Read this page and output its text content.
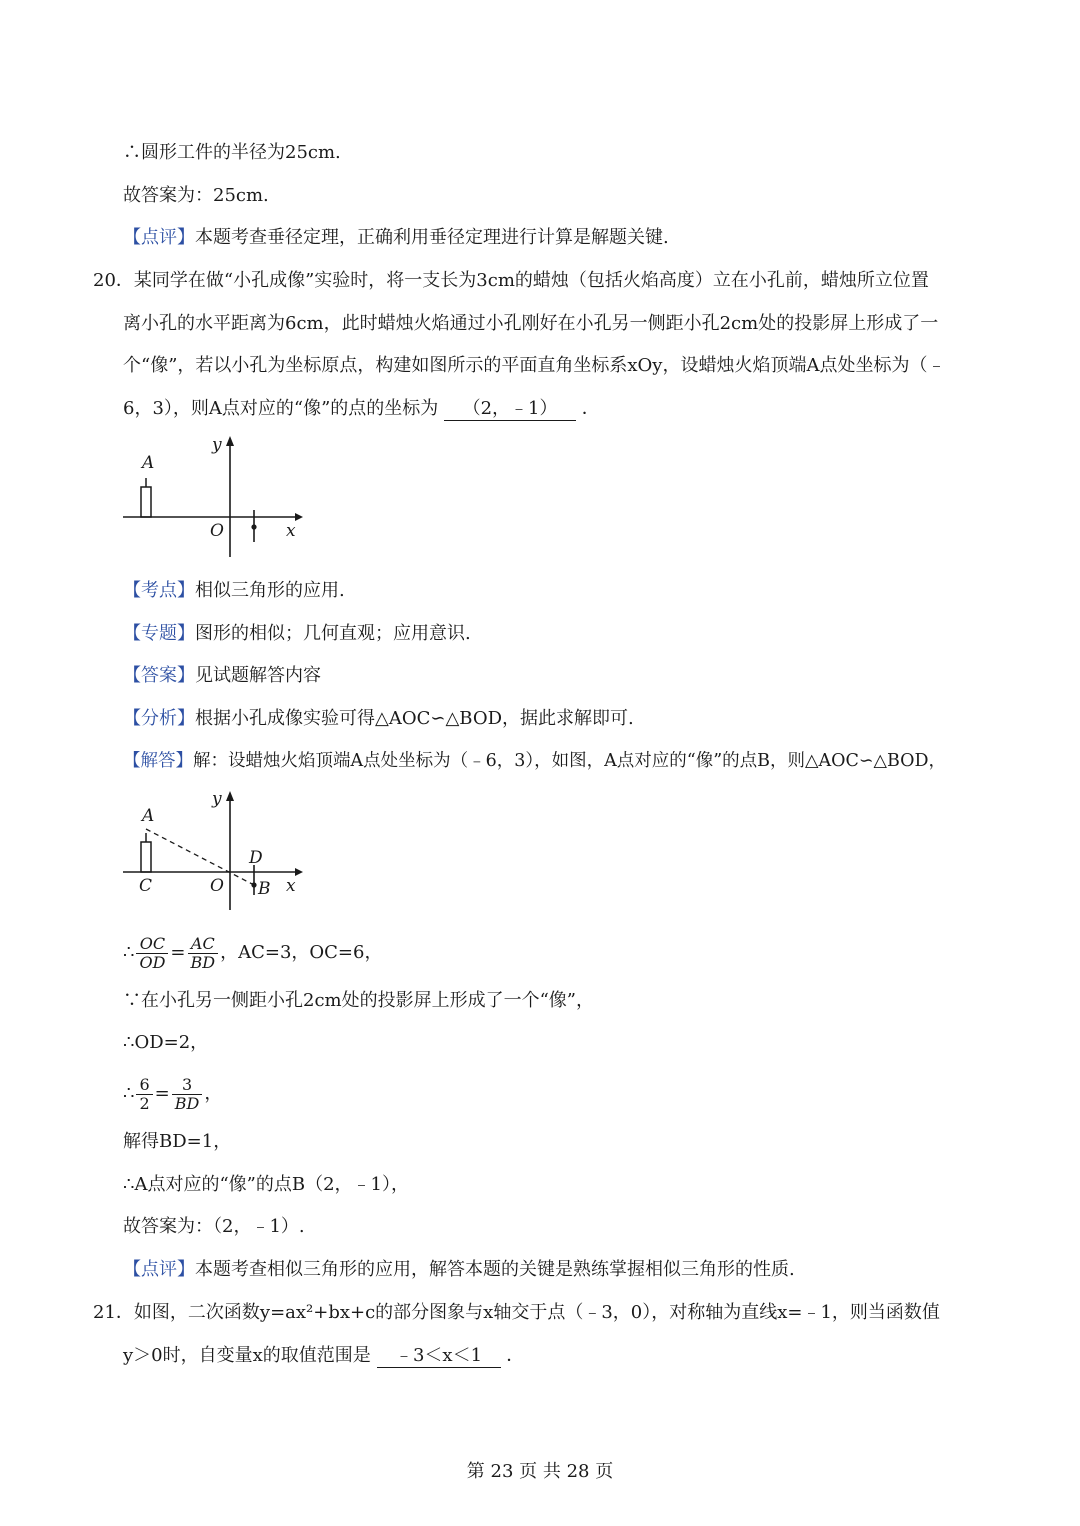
∴圆形工件的半径为25cm.
故答案为：25cm.
【点评】本题考查垂径定理，正确利用垂径定理进行计算是解题关键.
20．某同学在做“小孔成像”实验时，将一支长为3cm的蜡烛（包括火焰高度）立在小孔前，蜡烛所立位置
离小孔的水平距离为6cm，此时蜡烛火焰通过小孔刚好在小孔另一侧距小孔2cm处的投影屏上形成了一
个“像”，若以小孔为坐标原点，构建如图所示的平面直角坐标系xOy，设蜡烛火焰顶端A点处坐标为（﹣
6，3），则A点对应的“像”的点的坐标为 （2，﹣1） ．
A
y
O	x
【考点】相似三角形的应用.
【专题】图形的相似；几何直观；应用意识.
【答案】见试题解答内容
【分析】根据小孔成像实验可得△AOC∽△BOD，据此求解即可.
【解答】解：设蜡烛火焰顶端A点处坐标为（﹣6，3），如图，A点对应的“像”的点B，则△AOC∽△BOD，
A
y
D
C	O B x
∴ $\frac{OC}{OD} = \frac{AC}{BD}$ ，AC=3，OC=6，
∵在小孔另一侧距小孔2cm处的投影屏上形成了一个“像”，
∴OD=2，
∴ $\frac{6}{2} = \frac{3}{BD}$ ，
解得BD=1，
∴A点对应的“像”的点B（2，﹣1），
故答案为：（2，﹣1）.
【点评】本题考查相似三角形的应用，解答本题的关键是熟练掌握相似三角形的性质.
21．如图，二次函数y=ax²+bx+c的部分图象与x轴交于点（﹣3，0），对称轴为直线x=﹣1，则当函数值
y＞0时，自变量x的取值范围是 ﹣3＜x＜1 ．
第 23 页 共 28 页
